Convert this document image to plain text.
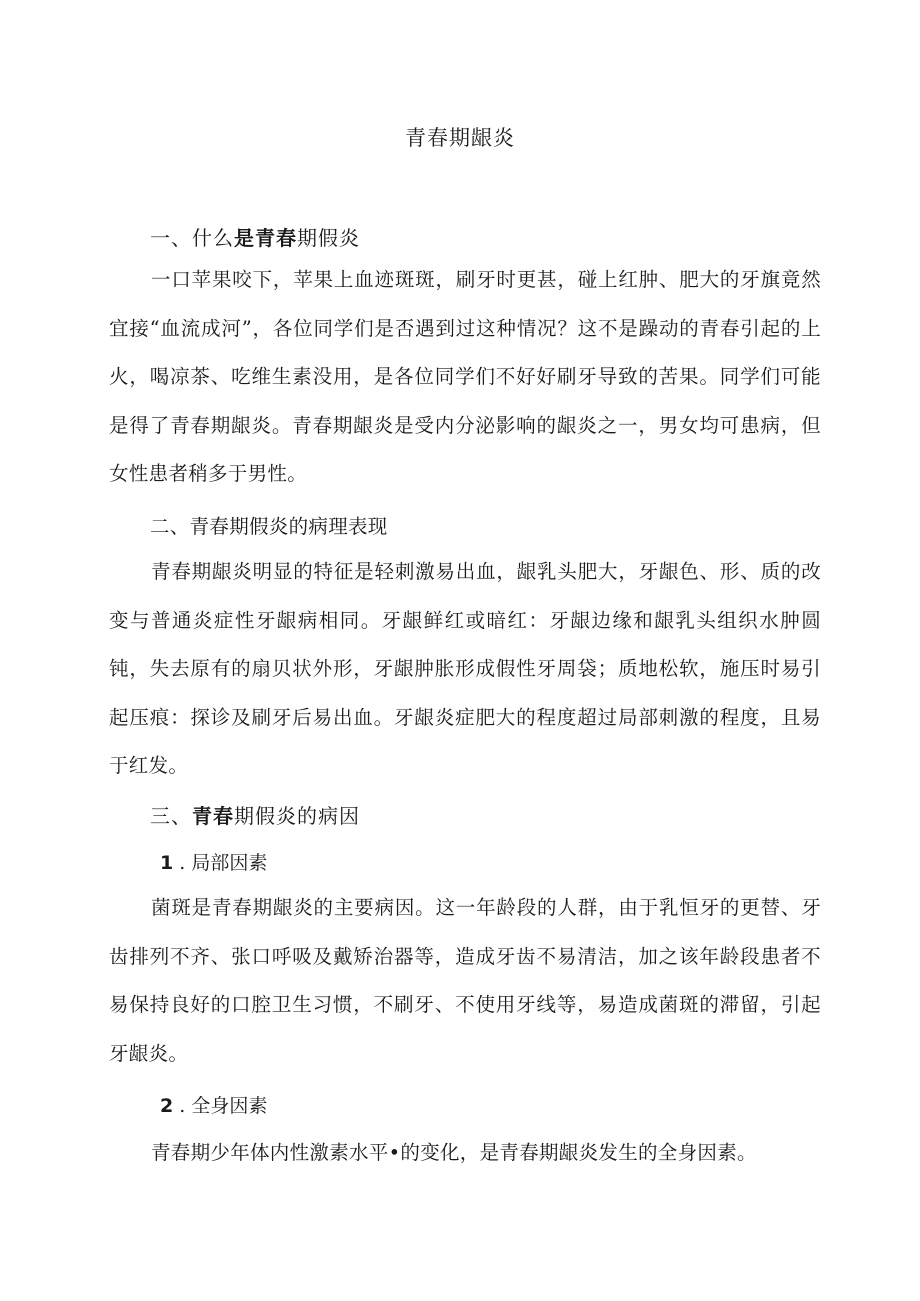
青春期龈炎
一、什么是青春期假炎
一口苹果咬下，苹果上血迹斑斑，刷牙时更甚，碰上红肿、肥大的牙旗竟然宜接“血流成河”，各位同学们是否遇到过这种情况？这不是躁动的青春引起的上火，喝凉茶、吃维生素没用，是各位同学们不好好刷牙导致的苦果。同学们可能是得了青春期龈炎。青春期龈炎是受内分泌影响的龈炎之一，男女均可患病，但女性患者稍多于男性。
二、青春期假炎的病理表现
青春期龈炎明显的特征是轻刺激易出血，龈乳头肥大，牙龈色、形、质的改变与普通炎症性牙龈病相同。牙龈鲜红或暗红：牙龈边缘和龈乳头组织水肿圆钝，失去原有的扇贝状外形，牙龈肿胀形成假性牙周袋；质地松软，施压时易引起压痕：探诊及刷牙后易出血。牙龈炎症肥大的程度超过局部刺激的程度，且易于红发。
三、青春期假炎的病因
1 . 局部因素
菌斑是青春期龈炎的主要病因。这一年龄段的人群，由于乳恒牙的更替、牙齿排列不齐、张口呼吸及戴矫治器等，造成牙齿不易清洁，加之该年龄段患者不易保持良好的口腔卫生习惯，不刷牙、不使用牙线等，易造成菌斑的滞留，引起牙龈炎。
2 . 全身因素
青春期少年体内性激素水平•的变化，是青春期龈炎发生的全身因素。
